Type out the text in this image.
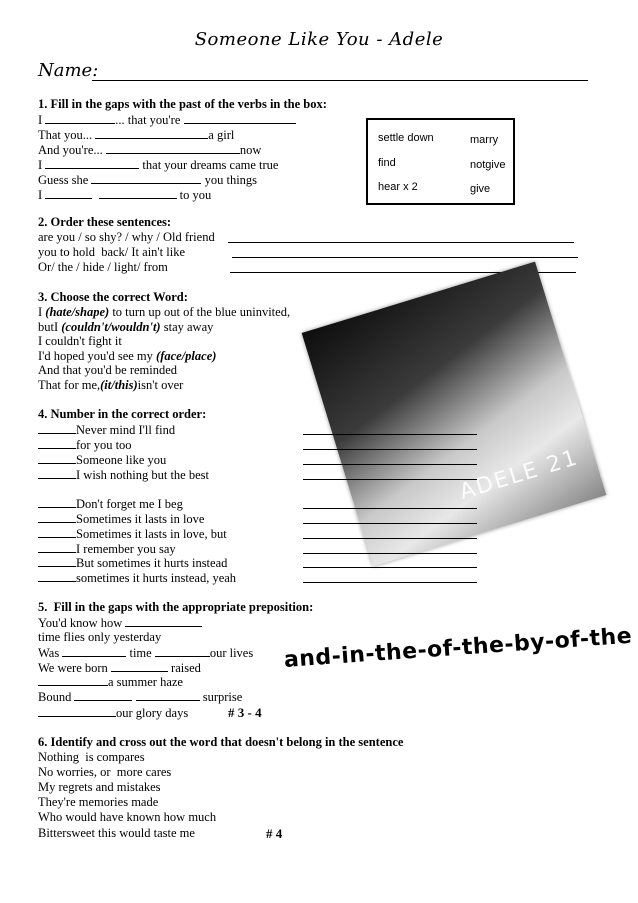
Someone Like You - Adele
Name:
1. Fill in the gaps with the past of the verbs in the box:
I	... that you're
That you...	a girl
And you're...	now
I	that your dreams came true
Guess she	you things
I	to you
settle down	marry
find	notgive
hear x 2	give
2. Order these sentences:
are you / so shy? / why / Old friend
you to hold  back/ It ain't like
Or/ the / hide / light/ from
3. Choose the correct Word:
I (hate/shape) to turn up out of the blue uninvited,
butI (couldn't/wouldn't) stay away
I couldn't fight it
I'd hoped you'd see my (face/place)
And that you'd be reminded
That for me,(it/this)isn't over
ADELE 21
4. Number in the correct order:
Never mind I'll find
for you too
Someone like you
I wish nothing but the best
Don't forget me I beg
Sometimes it lasts in love
Sometimes it lasts in love, but
I remember you say
But sometimes it hurts instead
sometimes it hurts instead, yeah
5.  Fill in the gaps with the appropriate preposition:
You'd know how
time flies only yesterday
Was	time	our lives
We were born	raised
a summer haze
Bound	surprise
our glory days	# 3 - 4
and-in-the-of-the-by-of-the
6. Identify and cross out the word that doesn't belong in the sentence
Nothing  is compares
No worries, or  more cares
My regrets and mistakes
They're memories made
Who would have known how much
Bittersweet this would taste me	# 4
